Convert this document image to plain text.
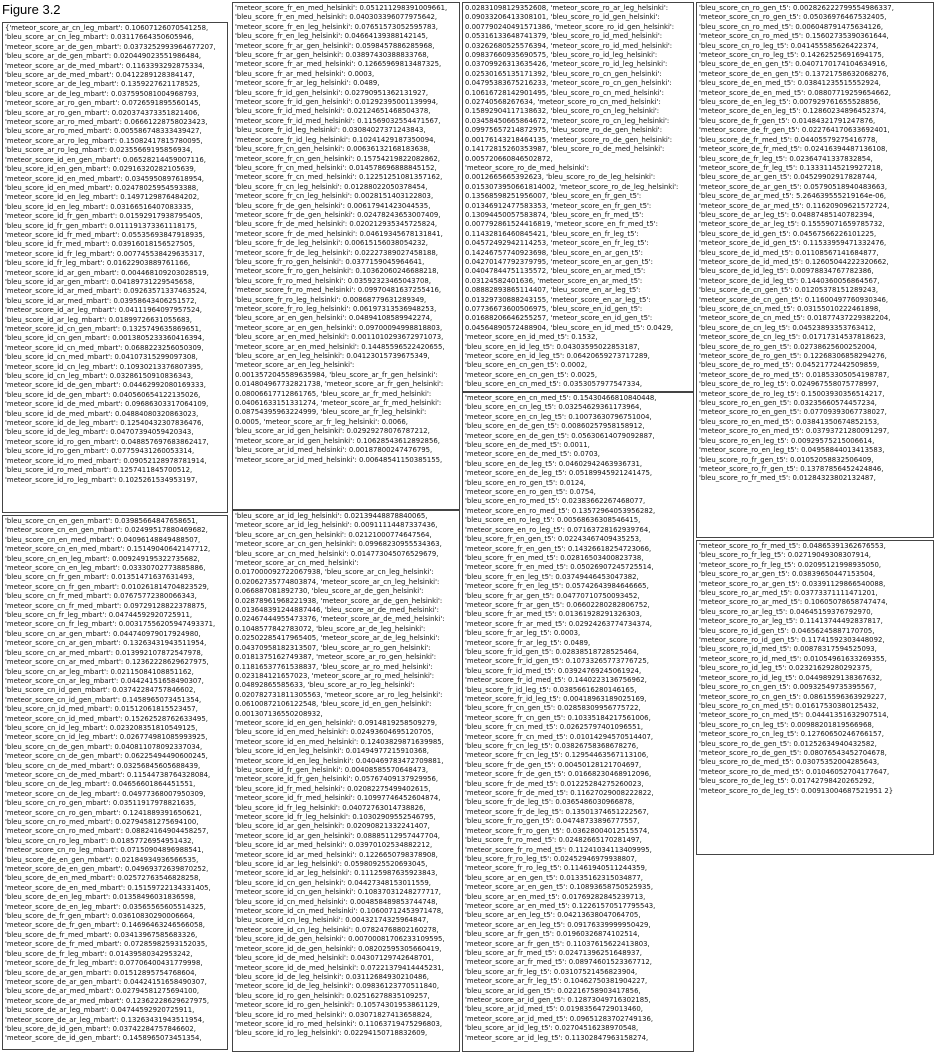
Figure 3.2
{'meteor_score_ar_cn_leg_mbart': 0.10607126070541258,
'bleu_score_ar_cn_leg_mbart': 0.03117664350605946,
'meteor_score_ar_de_gen_mbart': 0.0373252993964677207,
'bleu_score_ar_de_gen_mbart': 0.020449023551986484,
'meteor_score_ar_de_med_mbart': 0.1163393292875334,
'bleu_score_ar_de_med_mbart': 0.0412289128384147,
'meteor_score_ar_de_leg_mbart': 0.1359227621178525,
'bleu_score_ar_de_leg_mbart': 0.037595081004968793,
'meteor_score_ar_ro_gen_mbart': 0.0726591895560145,
'bleu_score_ar_ro_gen_mbart': 0.020374373351821406,
'meteor_score_ar_ro_med_mbart': 0.06661228758023423,
'bleu_score_ar_ro_med_mbart': 0.005586748333439427,
'meteor_score_ar_ro_leg_mbart': 0.15082417815780095,
'bleu_score_ar_ro_leg_mbart': 0.02355669195856934,
'meteor_score_id_en_gen_mbart': 0.06528214459007116,
'bleu_score_id_en_gen_mbart': 0.02916320282105639,
'meteor_score_id_en_med_mbart': 0.0345950897618954,
'bleu_score_id_en_med_mbart': 0.02478025954593388,
'meteor_score_id_en_leg_mbart': 0.1497129876484202,
'bleu_score_id_en_leg_mbart': 0.03166516407083335,
'meteor_score_id_fr_gen_mbart': 0.01592917938795405,
'bleu_score_id_fr_gen_mbart': 0.011191373361118175,
'meteor_score_id_fr_med_mbart': 0.05535693847918935,
'bleu_score_id_fr_med_mbart': 0.03916018156527505,
'meteor_score_id_fr_leg_mbart': 0.007745538429635317,
'bleu_score_id_fr_leg_mbart': 0.01622903889761166,
'meteor_score_id_ar_gen_mbart': 0.004468109203028519,
'bleu_score_id_ar_gen_mbart': 0.04189731229545658,
'meteor_score_id_ar_med_mbart': 0.09263571337463524,
'bleu_score_id_ar_med_mbart': 0.03958643406251572,
'meteor_score_id_ar_leg_mbart': 0.04111964097957524,
'bleu_score_id_ar_leg_mbart': 0.01899726631055683,
'meteor_score_id_cn_gen_mbart': 0.1325749635869651,
'bleu_score_id_cn_gen_mbart': 0.0013805233360416394,
'meteor_score_id_cn_med_mbart': 0.0688223256050309,
'bleu_score_id_cn_med_mbart': 0.04107315299097308,
'meteor_score_id_cn_leg_mbart': 0.10930213376807395,
'bleu_score_id_cn_leg_mbart': 0.03286150910836343,
'meteor_score_id_de_gen_mbart': 0.04462992080169333,
'bleu_score_id_de_gen_mbart': 0.040560654122135026,
'meteor_score_id_de_med_mbart': 0.09686303317064109,
'bleu_score_id_de_med_mbart': 0.04884080320863023,
'meteor_score_id_de_leg_mbart': 0.12540432307836476,
'bleu_score_id_de_leg_mbart': 0.04707394059420343,
'meteor_score_id_ro_gen_mbart': 0.048857697683862417,
'bleu_score_id_ro_gen_mbart': 0.07759431260053314,
'meteor_score_id_ro_med_mbart': 0.09052128978781914,
'bleu_score_id_ro_med_mbart': 0.1257411845700512,
'meteor_score_id_ro_leg_mbart': 0.1025261534953197,
'bleu_score_cn_en_gen_mbart': 0.03985664847658651,
'meteor_score_cn_en_gen_mbart': 0.02499517880469682,
'bleu_score_cn_en_med_mbart': 0.04096148849488507,
'meteor_score_cn_en_med_mbart': 0.15149040642147712,
'bleu_score_cn_en_leg_mbart': 0.009249195322735682,
'meteor_score_cn_en_leg_mbart': 0.03330702773885886,
'bleu_score_cn_fr_gen_mbart': 0.01351471637631493,
'meteor_score_cn_fr_gen_mbart': 0.010261814704823529,
'bleu_score_cn_fr_med_mbart': 0.07675772380066343,
'meteor_score_cn_fr_med_mbart': 0.09729128822378875,
'bleu_score_cn_fr_leg_mbart': 0.04744592920725911,
'meteor_score_cn_fr_leg_mbart': 0.00317556205947493371,
'bleu_score_cn_ar_gen_mbart': 0.044740979017924980,
'meteor_score_cn_ar_gen_mbart': 0.13263431943511954,
'bleu_score_cn_ar_med_mbart': 0.013992107872547978,
'meteor_score_cn_ar_med_mbart': 0.12362228629627975,
'bleu_score_cn_ar_leg_mbart': 0.02115084108851162,
'meteor_score_cn_ar_leg_mbart': 0.04424151658490307,
'bleu_score_cn_id_gen_mbart': 0.03742284757846602,
'meteor_score_cn_id_gen_mbart': 0.1458965073451354,
'bleu_score_cn_id_med_mbart': 0.01512061815523457,
'meteor_score_cn_id_med_mbart': 0.15262528762633495,
'bleu_score_cn_id_leg_mbart': 0.023208351810549125,
'meteor_score_cn_id_leg_mbart': 0.026774981085993925,
'bleu_score_cn_de_gen_mbart': 0.040811078092337034,
'meteor_score_cn_de_gen_mbart': 0.06225494490600245,
'bleu_score_cn_de_med_mbart': 0.03256845605688439,
'meteor_score_cn_de_med_mbart': 0.11544738764328084,
'bleu_score_cn_de_leg_mbart': 0.04656601864451551,
'meteor_score_cn_de_leg_mbart': 0.04977368007950309,
'bleu_score_cn_ro_gen_mbart': 0.03511917978821635,
'meteor_score_cn_ro_gen_mbart': 0.1241889391650621,
'bleu_score_cn_ro_med_mbart': 0.02794581275694100,
'meteor_score_cn_ro_med_mbart': 0.08824164904458257,
'bleu_score_cn_ro_leg_mbart': 0.01857726954951432,
'meteor_score_cn_ro_leg_mbart': 0.07150904896988541,
'bleu_score_de_en_gen_mbart': 0.02184934936566535,
'meteor_score_de_en_gen_mbart': 0.04969372639870252,
'bleu_score_de_en_med_mbart': 0.02572763546828258,
'meteor_score_de_en_med_mbart': 0.15159722134331405,
'bleu_score_de_en_leg_mbart': 0.01358496031836598,
'meteor_score_de_en_leg_mbart': 0.03565565605514325,
'bleu_score_de_fr_gen_mbart': 0.03610830290006664,
'meteor_score_de_fr_gen_mbart': 0.14696463246566058,
'bleu_score_de_fr_med_mbart': 0.03413967585683326,
'meteor_score_de_fr_med_mbart': 0.07285982593152035,
'bleu_score_de_fr_leg_mbart': 0.01439580342953242,
'meteor_score_de_fr_leg_mbart': 0.07706400431779998,
'bleu_score_de_ar_gen_mbart': 0.01512895754768604,
'meteor_score_de_ar_gen_mbart': 0.04424151658490307,
'bleu_score_de_ar_med_mbart': 0.02794581275694100,
'meteor_score_de_ar_med_mbart': 0.12362228629627975,
'bleu_score_de_ar_leg_mbart': 0.04744592920725911,
'meteor_score_de_ar_leg_mbart': 0.13263431943511954,
'bleu_score_de_id_gen_mbart': 0.03742284757846602,
'meteor_score_de_id_gen_mbart': 0.1458965073451354,
'meteor_score_fr_en_med_helsinki': 0.051211298391009661,
'bleu_score_fr_en_med_helsinki': 0.040303396077975642,
'meteor_score_fr_en_leg_helsinki': 0.07651573052595783,
'bleu_score_fr_en_leg_helsinki': 0.04664139388142145,
'meteor_score_fr_ar_gen_helsinki': 0.0598457886285968,
'bleu_score_fr_ar_gen_helsinki': 0.03897430388833768,
'meteor_score_fr_ar_med_helsinki': 0.12665969813487325,
'bleu_score_fr_ar_med_helsinki': 0.0003,
'meteor_score_fr_ar_leg_helsinki': 0.0489,
'bleu_score_fr_id_gen_helsinki': 0.02790951362131927,
'meteor_score_fr_id_gen_helsinki': 0.01292395001139994,
'bleu_score_fr_id_med_helsinki': 0.02124651468504378,
'meteor_score_fr_id_med_helsinki': 0.11569032554471567,
'bleu_score_fr_id_leg_helsinki': 0.03084027371243843,
'meteor_score_fr_id_leg_helsinki': 0.10241429187350094,
'bleu_score_fr_cn_gen_helsinki': 0.00636132168183638,
'meteor_score_fr_cn_gen_helsinki': 0.15754219822082862,
'bleu_score_fr_cn_med_helsinki': 0.014578696888845152,
'meteor_score_fr_cn_med_helsinki': 0.12251251081357162,
'bleu_score_fr_cn_leg_helsinki': 0.01288022050378454,
'meteor_score_fr_cn_leg_helsinki': 0.0028151403122803,
'bleu_score_fr_de_gen_helsinki': 0.00617941423044535,
'meteor_score_fr_de_gen_helsinki': 0.02478243653007409,
'bleu_score_fr_de_med_helsinki': 0.020212935345725824,
'meteor_score_fr_de_med_helsinki': 0.04619345678131841,
'bleu_score_fr_de_leg_helsinki': 0.00615156038054232,
'meteor_score_fr_de_leg_helsinki': 0.02227389027458188,
'bleu_score_fr_ro_gen_helsinki': 0.0377159045964641,
'meteor_score_fr_ro_gen_helsinki': 0.10362060246688218,
'bleu_score_fr_ro_med_helsinki': 0.03592323465043708,
'meteor_score_fr_ro_med_helsinki': 0.09970481637255416,
'bleu_score_fr_ro_leg_helsinki': 0.00868779631289349,
'meteor_score_fr_ro_leg_helsinki': 0.06197313536948253,
'bleu_score_ar_en_gen_helsinki': 0.04894108589942274,
'meteor_score_ar_en_gen_helsinki': 0.09700094998818803,
'bleu_score_ar_en_med_helsinki': 0.0011010293672971073,
'meteor_score_ar_en_med_helsinki': 0.14485596522420655,
'bleu_score_ar_en_leg_helsinki': 0.04123015739675349,
'meteor_score_ar_en_leg_helsinki':
0.0013572045589635984, 'bleu_score_ar_fr_gen_helsinki':
0.014804967732821738, 'meteor_score_ar_fr_gen_helsinki':
0.08006617712861765, 'bleu_score_ar_fr_med_helsinki':
0.04061633151331274, 'meteor_score_ar_fr_med_helsinki':
0.08754395963224999, 'bleu_score_ar_fr_leg_helsinki':
0.0005, 'meteor_score_ar_fr_leg_helsinki': 0.0066,
'bleu_score_ar_id_gen_helsinki': 0.02929278076787212,
'meteor_score_ar_id_gen_helsinki': 0.10628543612892856,
'bleu_score_ar_id_med_helsinki': 0.00187800247476795,
'meteor_score_ar_id_med_helsinki': 0.00648541150385155,
'bleu_score_ar_id_leg_helsinki': 0.02139448878840065,
'meteor_score_ar_id_leg_helsinki': 0.00911114487337436,
'bleu_score_ar_cn_gen_helsinki': 0.02121000774647564,
'meteor_score_ar_cn_gen_helsinki': 0.09968230955534363,
'bleu_score_ar_cn_med_helsinki': 0.014773045076529679,
'meteor_score_ar_cn_med_helsinki':
0.017000092722067938, 'bleu_score_ar_cn_leg_helsinki':
0.02062735774803874, 'meteor_score_ar_cn_leg_helsinki':
0.066887081892730, 'bleu_score_ar_de_gen_helsinki':
0.02878961968221938, 'meteor_score_ar_de_gen_helsinki':
0.013648391244887446, 'bleu_score_ar_de_med_helsinki':
0.02467444955473376, 'meteor_score_ar_de_med_helsinki':
0.1048577842783072, 'bleu_score_ar_de_leg_helsinki':
0.02502285417965405, 'meteor_score_ar_de_leg_helsinki':
0.04370958182313507, 'bleu_score_ar_ro_gen_helsinki':
0.0181375162749387, 'meteor_score_ar_ro_gen_helsinki':
0.11816537761538837, 'bleu_score_ar_ro_med_helsinki':
0.023184121657023, 'meteor_score_ar_ro_med_helsinki':
0.04892865585633, 'bleu_score_ar_ro_leg_helsinki':
0.020782731811305563, 'meteor_score_ar_ro_leg_helsinki':
0.06100872106122548, 'bleu_score_id_en_gen_helsinki':
0.001307136550208932,
'meteor_score_id_en_gen_helsinki': 0.0914819258509279,
'bleu_score_id_en_med_helsinki': 0.02493604695120705,
'meteor_score_id_en_med_helsinki': 0.12403829871639985,
'bleu_score_id_en_leg_helsinki': 0.01494977215910368,
'meteor_score_id_en_leg_helsinki': 0.040469783472709881,
'bleu_score_id_fr_gen_helsinki': 0.00408585570648473,
'meteor_score_id_fr_gen_helsinki': 0.05767409137929956,
'bleu_score_id_fr_med_helsinki': 0.02082275499402615,
'meteor_score_id_fr_med_helsinki': 0.10997746452604874,
'bleu_score_id_fr_leg_helsinki': 0.04072763014738826,
'meteor_score_id_fr_leg_helsinki': 0.10302909552546795,
'bleu_score_id_ar_gen_helsinki': 0.02090821332241407,
'meteor_score_id_ar_gen_helsinki': 0.08885112957447704,
'bleu_score_id_ar_med_helsinki': 0.03970102534882212,
'meteor_score_id_ar_med_helsinki': 0.1226650798378908,
'bleu_score_id_ar_leg_helsinki': 0.05980925520693045,
'meteor_score_id_ar_leg_helsinki': 0.11125987635923843,
'bleu_score_id_cn_gen_helsinki': 0.04427348153011559,
'meteor_score_id_cn_gen_helsinki': 0.10837031248277717,
'bleu_score_id_cn_med_helsinki': 0.004858489853744748,
'meteor_score_id_cn_med_helsinki': 0.10600712453971478,
'bleu_score_id_cn_leg_helsinki': 0.00432174325964847,
'meteor_score_id_cn_leg_helsinki': 0.07824768802160278,
'bleu_score_id_de_gen_helsinki': 0.00700081706233109595,
'meteor_score_id_de_gen_helsinki': 0.08202595305660419,
'bleu_score_id_de_med_helsinki': 0.04307129742648701,
'meteor_score_id_de_med_helsinki': 0.07221379414445231,
'bleu_score_id_de_leg_helsinki': 0.03112684930210486,
'meteor_score_id_de_leg_helsinki': 0.09836123770511840,
'bleu_score_id_ro_gen_helsinki': 0.02516278835109257,
'meteor_score_id_ro_gen_helsinki': 0.10574301953861129,
'bleu_score_id_ro_med_helsinki': 0.03071827413658824,
'meteor_score_id_ro_med_helsinki': 0.11063719475296803,
'bleu_score_id_ro_leg_helsinki': 0.02294150718832609,
0.02831098129352608, 'meteor_score_ro_ar_leg_helsinki':
0.09033206413308101, 'bleu_score_ro_id_gen_helsinki':
0.007790240491571386, 'meteor_score_ro_id_gen_helsinki':
0.05316133648741379, 'bleu_score_ro_id_med_helsinki':
0.03262680525576394, 'meteor_score_ro_id_med_helsinki':
0.09837660935690575, 'bleu_score_ro_id_leg_helsinki':
0.03709926313635426, 'meteor_score_ro_id_leg_helsinki':
0.02530165135171392, 'bleu_score_ro_cn_gen_helsinki':
0.04795383675216233, 'meteor_score_ro_cn_gen_helsinki':
0.10616728142901495, 'bleu_score_ro_cn_med_helsinki':
0.02740568267634, 'meteor_score_ro_cn_med_helsinki':
0.15892904117138632, 'bleu_score_ro_cn_leg_helsinki':
0.03458450665864672, 'meteor_score_ro_cn_leg_helsinki':
0.09975657214872975, 'bleu_score_ro_de_gen_helsinki':
0.00176143218464135, 'meteor_score_ro_de_gen_helsinki':
0.14172815260353987, 'bleu_score_ro_de_med_helsinki':
0.005720660846502872,
'meteor_score_ro_de_med_helsinki':
0.0012665665392623, 'bleu_score_ro_de_leg_helsinki':
0.0153073950661814002, 'meteor_score_ro_de_leg_helsinki':
0.13568598251956007, 'bleu_score_en_fr_gen_t5':
0.01346912477583353, 'meteor_score_en_fr_gen_t5':
0.13094450057583874, 'bleu_score_en_fr_med_t5':
0.007792861524416819, 'meteor_score_en_fr_med_t5':
0.11432816460845421, 'bleu_score_en_fr_leg_t5':
0.04572492942114253, 'meteor_score_en_fr_leg_t5':
0.14246757740923698, 'bleu_score_en_ar_gen_t5':
0.04270147792379795, 'meteor_score_en_ar_gen_t5':
0.04047844751135572, 'bleu_score_en_ar_med_t5':
0.03124582401636, 'meteor_score_en_ar_med_t5':
0.08882893865114407, 'bleu_score_en_ar_leg_t5':
0.01329730888243155, 'meteor_score_en_ar_leg_t5':
0.07736673600506975, 'bleu_score_en_id_gen_t5':
0.01688206646255257, 'meteor_score_en_id_gen_t5':
0.04564890572488904, 'bleu_score_en_id_med_t5': 0.0429,
'meteor_score_en_id_med_t5': 0.1532,
'bleu_score_en_id_leg_t5': 0.04303595022853187,
'meteor_score_en_id_leg_t5': 0.06420659273717289,
'bleu_score_en_cn_gen_t5': 0.0002,
'meteor_score_en_cn_gen_t5': 0.0025,
'bleu_score_en_cn_med_t5': 0.0353057977547334,
'meteor_score_en_cn_med_t5': 0.15430466810840448,
'bleu_score_en_cn_leg_t5': 0.03254629361173964,
'meteor_score_en_cn_leg_t5': 0.10073630796751004,
'bleu_score_en_de_gen_t5': 0.00860257958158912,
'meteor_score_en_de_gen_t5': 0.05630614079092887,
'bleu_score_en_de_med_t5': 0.0011,
'meteor_score_en_de_med_t5': 0.0703,
'bleu_score_en_de_leg_t5': 0.04602942463936731,
'meteor_score_en_de_leg_t5': 0.05189945921241475,
'bleu_score_en_ro_gen_t5': 0.0124,
'meteor_score_en_ro_gen_t5': 0.0754,
'bleu_score_en_ro_med_t5': 0.02383662267468077,
'meteor_score_en_ro_med_t5': 0.13572964053956282,
'bleu_score_en_ro_leg_t5': 0.00568636308546415,
'meteor_score_en_ro_leg_t5': 0.07163728162939764,
'bleu_score_fr_en_gen_t5': 0.02243467409435253,
'meteor_score_fr_en_gen_t5': 0.14326618254723066,
'bleu_score_fr_en_med_t5': 0.02816503400823738,
'meteor_score_fr_en_med_t5': 0.05026907245725514,
'bleu_score_fr_en_leg_t5': 0.03749446453047382,
'meteor_score_fr_en_leg_t5': 0.05742643984646665,
'bleu_score_fr_ar_gen_t5': 0.04770710750093452,
'meteor_score_fr_ar_gen_t5': 0.06602280282806752,
'bleu_score_fr_ar_med_t5': 0.01361928291326303,
'meteor_score_fr_ar_med_t5': 0.02924263774734374,
'bleu_score_fr_ar_leg_t5': 0.0003,
'meteor_score_fr_ar_leg_t5': 0.0489,
'bleu_score_fr_id_gen_t5': 0.02838518728525464,
'meteor_score_fr_id_gen_t5': 0.10733265773776725,
'bleu_score_fr_id_med_t5': 0.03924769245061924,
'meteor_score_fr_id_med_t5': 0.1440223136756962,
'bleu_score_fr_id_leg_t5': 0.03856616280146165,
'meteor_score_fr_id_leg_t5': 0.00418963189025169,
'bleu_score_fr_cn_gen_t5': 0.02858309956775722,
'meteor_score_fr_cn_gen_t5': 0.10335184217561006,
'bleu_score_fr_cn_med_t5': 0.02625797401096551,
'meteor_score_fr_cn_med_t5': 0.01014294570514407,
'bleu_score_fr_cn_leg_t5': 0.03826758368678276,
'meteor_score_fr_cn_leg_t5': 0.12954463567113106,
'bleu_score_fr_de_gen_t5': 0.00450128121704697,
'meteor_score_fr_de_gen_t5': 0.01668230468912096,
'bleu_score_fr_de_med_t5': 0.01225284275260023,
'meteor_score_fr_de_med_t5': 0.11627029008222822,
'bleu_score_fr_de_leg_t5': 0.0365486030966878,
'meteor_score_fr_de_leg_t5': 0.13501374651222567,
'bleu_score_fr_ro_gen_t5': 0.04748733896777557,
'meteor_score_fr_ro_gen_t5': 0.03628004012515574,
'bleu_score_fr_ro_med_t5': 0.02482665170281497,
'meteor_score_fr_ro_med_t5': 0.11241034113409995,
'bleu_score_fr_ro_leg_t5': 0.02452946979938807,
'meteor_score_fr_ro_leg_t5': 0.11461940511244359,
'bleu_score_ar_en_gen_t5': 0.01335162315034877,
'meteor_score_ar_en_gen_t5': 0.10893658750525935,
'bleu_score_ar_en_med_t5': 0.01769282845239713,
'meteor_score_ar_en_med_t5': 0.12261570517795543,
'bleu_score_ar_en_leg_t5': 0.04213638047064705,
'meteor_score_ar_en_leg_t5': 0.09176339999950429,
'bleu_score_ar_fr_gen_t5': 0.01960326874102514,
'meteor_score_ar_fr_gen_t5': 0.11037615622413803,
'bleu_score_ar_fr_med_t5': 0.02471396251648937,
'meteor_score_ar_fr_med_t5': 0.08974601523367712,
'bleu_score_ar_fr_leg_t5': 0.03107521456823904,
'meteor_score_ar_fr_leg_t5': 0.10462750381904227,
'bleu_score_ar_id_gen_t5': 0.02216758903417856,
'meteor_score_ar_id_gen_t5': 0.12873049716302185,
'bleu_score_ar_id_med_t5': 0.01983564729013460,
'meteor_score_ar_id_med_t5': 0.09651283702749136,
'bleu_score_ar_id_leg_t5': 0.02704516238970548,
'meteor_score_ar_id_leg_t5': 0.11302847963158274,
'bleu_score_cn_ro_gen_t5': 0.002826222799554986337,
'meteor_score_cn_ro_gen_t5': 0.05036976467532405,
'bleu_score_cn_ro_med_t5': 0.006048791475634126,
'meteor_score_cn_ro_med_t5': 0.15602735390361644,
'bleu_score_cn_ro_leg_t5': 0.041455585626422374,
'meteor_score_cn_ro_leg_t5': 0.14262525691694175,
'bleu_score_de_en_gen_t5': 0.0407170174104634916,
'meteor_score_de_en_gen_t5': 0.13721758632068276,
'bleu_score_de_en_med_t5': 0.03841235515552924,
'meteor_score_de_en_med_t5': 0.08807719259654662,
'bleu_score_de_en_leg_t5': 0.007929761655528856,
'meteor_score_de_en_leg_t5': 0.12860234896452374,
'bleu_score_de_fr_gen_t5': 0.01484321791247876,
'meteor_score_de_fr_gen_t5': 0.022764170633692401,
'bleu_score_de_fr_med_t5': 0.04405579275416778,
'meteor_score_de_fr_med_t5': 0.02416394487136108,
'bleu_score_de_fr_leg_t5': 0.02364741337832854,
'meteor_score_de_fr_leg_t5': 0.13331145219927218,
'bleu_score_de_ar_gen_t5': 0.04529902917828744,
'meteor_score_de_ar_gen_t5': 0.05790518940483663,
'bleu_score_de_ar_med_t5': 5.264639555219164e-06,
'meteor_score_de_ar_med_t5': 0.11620909621572724,
'bleu_score_de_ar_leg_t5': 0.04887485140782394,
'meteor_score_de_ar_leg_t5': 0.15559071659785732,
'bleu_score_de_id_gen_t5': 0.04567566226101225,
'meteor_score_de_id_gen_t5': 0.11533959471332476,
'bleu_score_de_id_med_t5': 0.01108567141684877,
'meteor_score_de_id_med_t5': 0.12605044222320662,
'bleu_score_de_id_leg_t5': 0.00978834767782386,
'meteor_score_de_id_leg_t5': 0.1440360056864567,
'bleu_score_de_cn_gen_t5': 0.01205378151289243,
'meteor_score_de_cn_gen_t5': 0.11600497760930346,
'bleu_score_de_cn_med_t5': 0.03155010222461898,
'meteor_score_de_cn_med_t5': 0.01877437229382204,
'bleu_score_de_cn_leg_t5': 0.04523893353763412,
'meteor_score_de_cn_leg_t5': 0.01717314537818623,
'bleu_score_de_ro_gen_t5': 0.02738625600252004,
'meteor_score_de_ro_gen_t5': 0.12268306858294276,
'bleu_score_de_ro_med_t5': 0.04521772442509859,
'meteor_score_de_ro_med_t5': 0.01853305054198787,
'bleu_score_de_ro_leg_t5': 0.024967558075778997,
'meteor_score_de_ro_leg_t5': 0.15003930356514217,
'bleu_score_ro_en_gen_t5': 0.03235660574457234,
'meteor_score_ro_en_gen_t5': 0.07709393067738027,
'bleu_score_ro_en_med_t5': 0.03841350674852153,
'meteor_score_ro_en_med_t5': 0.03793721280091297,
'bleu_score_ro_en_leg_t5': 0.00929575215006614,
'meteor_score_ro_en_leg_t5': 0.04958844013413583,
'bleu_score_ro_fr_gen_t5': 0.01052058832506409,
'meteor_score_ro_fr_gen_t5': 0.13787856452424846,
'bleu_score_ro_fr_med_t5': 0.01284323802132487,
'meteor_score_ro_fr_med_t5': 0.04865391362676553,
'bleu_score_ro_fr_leg_t5': 0.02719049308307914,
'meteor_score_ro_fr_leg_t5': 0.02095121998935050,
'bleu_score_ro_ar_gen_t5': 0.03839650447153504,
'meteor_score_ro_ar_gen_t5': 0.03391129866540088,
'bleu_score_ro_ar_med_t5': 0.03773371111471201,
'meteor_score_ro_ar_med_t5': 0.10605078658747474,
'bleu_score_ro_ar_leg_t5': 0.04645159376792970,
'meteor_score_ro_ar_leg_t5': 0.11413744492837817,
'bleu_score_ro_id_gen_t5': 0.04656245887170705,
'meteor_score_ro_id_gen_t5': 0.11741592303448092,
'bleu_score_ro_id_med_t5': 0.00878317594525093,
'meteor_score_ro_id_med_t5': 0.01054961633269355,
'bleu_score_ro_id_leg_t5': 0.02321629280292375,
'meteor_score_ro_id_leg_t5': 0.04498929138367632,
'bleu_score_ro_cn_gen_t5': 0.00932549735395567,
'meteor_score_ro_cn_gen_t5': 0.08615596363929227,
'bleu_score_ro_cn_med_t5': 0.01617530380125432,
'meteor_score_ro_cn_med_t5': 0.04441351632907514,
'bleu_score_ro_cn_leg_t5': 0.00988201819566968,
'meteor_score_ro_cn_leg_t5': 0.12760650246766157,
'bleu_score_ro_de_gen_t5': 0.01252634940432582,
'meteor_score_ro_de_gen_t5': 0.08076543452704678,
'bleu_score_ro_de_med_t5': 0.03075352004285643,
'meteor_score_ro_de_med_t5': 0.01046052704177647,
'bleu_score_ro_de_leg_t5': 0.01742798420265292,
'meteor_score_ro_de_leg_t5': 0.00913004687521951 2}
